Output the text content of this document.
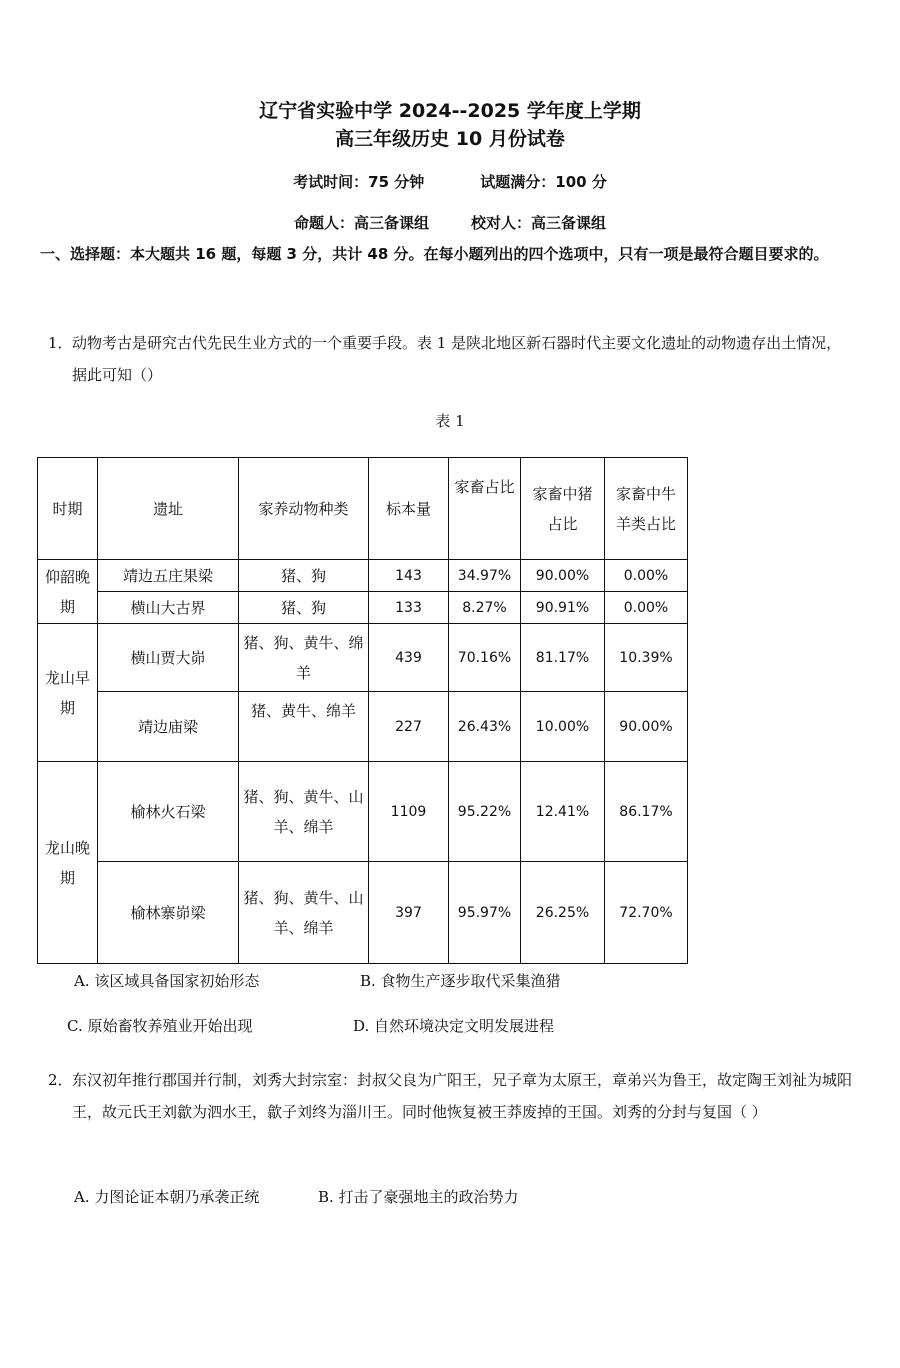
辽宁省实验中学 2024--2025 学年度上学期
高三年级历史 10 月份试卷
考试时间：75 分钟	试题满分：100 分
命题人：高三备课组	校对人：高三备课组
一、选择题：本大题共 16 题，每题 3 分，共计 48 分。在每小题列出的四个选项中，只有一项是最符合题目要求的。
1． 动物考古是研究古代先民生业方式的一个重要手段。表 1 是陕北地区新石器时代主要文化遗址的动物遗存出土情况，据此可知（）
表 1
时期	遗址	家养动物种类	标本量	家畜占比	家畜中猪占比	家畜中牛羊类占比
仰韶晚期	靖边五庄果梁	猪、狗	143	34.97%	90.00%	0.00%
	横山大古界	猪、狗	133	8.27%	90.91%	0.00%
龙山早期	横山贾大峁	猪、狗、黄牛、绵羊	439	70.16%	81.17%	10.39%
	靖边庙梁	猪、黄牛、绵羊	227	26.43%	10.00%	90.00%
龙山晚期	榆林火石梁	猪、狗、黄牛、山羊、绵羊	1109	95.22%	12.41%	86.17%
	榆林寨峁梁	猪、狗、黄牛、山羊、绵羊	397	95.97%	26.25%	72.70%
A. 该区域具备国家初始形态	B. 食物生产逐步取代采集渔猎
C. 原始畜牧养殖业开始出现	D. 自然环境决定文明发展进程
2． 东汉初年推行郡国并行制，刘秀大封宗室：封叔父良为广阳王，兄子章为太原王，章弟兴为鲁王，故定陶王刘祉为城阳王，故元氏王刘歙为泗水王，歙子刘终为淄川王。同时他恢复被王莽废掉的王国。刘秀的分封与复国（ ）
A. 力图论证本朝乃承袭正统	B. 打击了豪强地主的政治势力
